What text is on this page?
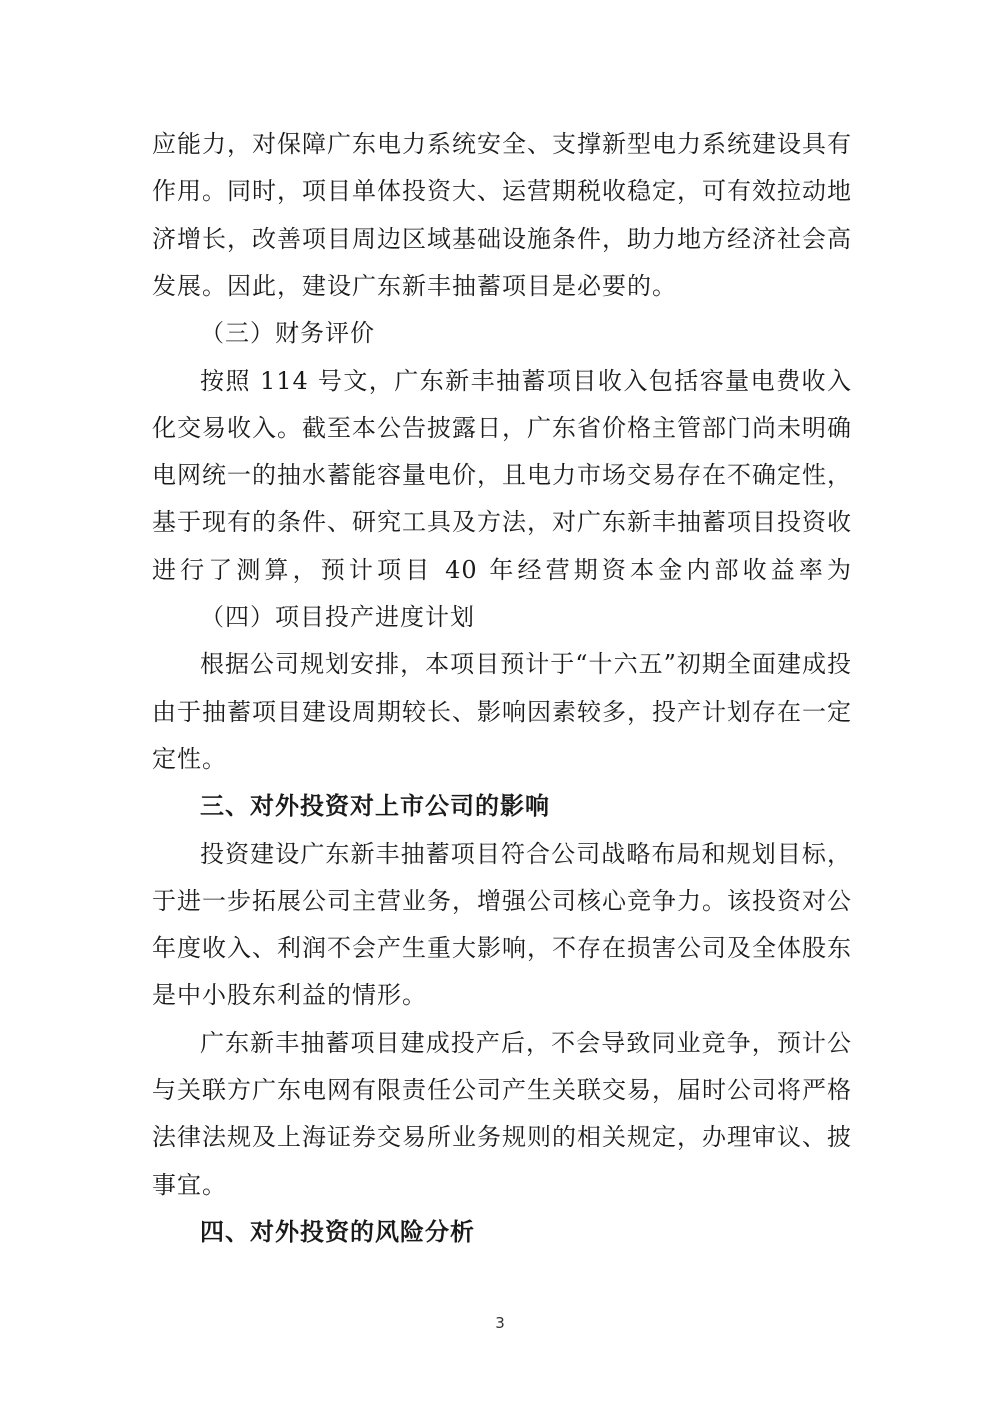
应能力，对保障广东电力系统安全、支撑新型电力系统建设具有
作用。同时，项目单体投资大、运营期税收稳定，可有效拉动地
济增长，改善项目周边区域基础设施条件，助力地方经济社会高
发展。因此，建设广东新丰抽蓄项目是必要的。
（三）财务评价
按照 114 号文，广东新丰抽蓄项目收入包括容量电费收入
化交易收入。截至本公告披露日，广东省价格主管部门尚未明确
电网统一的抽水蓄能容量电价，且电力市场交易存在不确定性，
基于现有的条件、研究工具及方法，对广东新丰抽蓄项目投资收
进行了测算，预计项目 40 年经营期资本金内部收益率为
（四）项目投产进度计划
根据公司规划安排，本项目预计于“十六五”初期全面建成投
由于抽蓄项目建设周期较长、影响因素较多，投产计划存在一定
定性。
三、对外投资对上市公司的影响
投资建设广东新丰抽蓄项目符合公司战略布局和规划目标，
于进一步拓展公司主营业务，增强公司核心竞争力。该投资对公
年度收入、利润不会产生重大影响，不存在损害公司及全体股东
是中小股东利益的情形。
广东新丰抽蓄项目建成投产后，不会导致同业竞争，预计公
与关联方广东电网有限责任公司产生关联交易，届时公司将严格
法律法规及上海证券交易所业务规则的相关规定，办理审议、披
事宜。
四、对外投资的风险分析
3
